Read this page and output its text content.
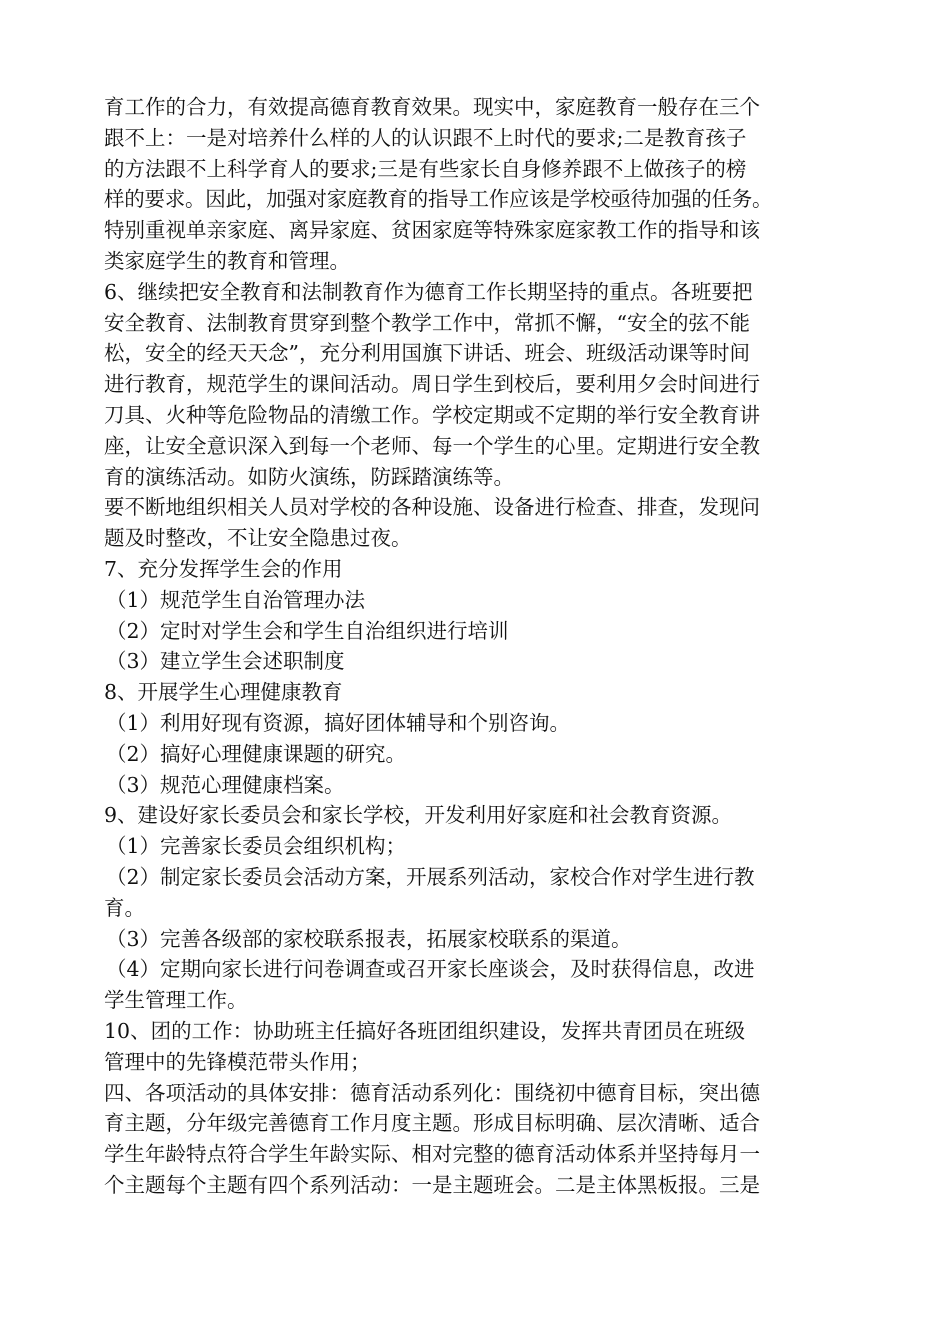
育工作的合力，有效提高德育教育效果。现实中，家庭教育一般存在三个
跟不上：一是对培养什么样的人的认识跟不上时代的要求;二是教育孩子
的方法跟不上科学育人的要求;三是有些家长自身修养跟不上做孩子的榜
样的要求。因此，加强对家庭教育的指导工作应该是学校亟待加强的任务。
特别重视单亲家庭、离异家庭、贫困家庭等特殊家庭家教工作的指导和该
类家庭学生的教育和管理。
6、继续把安全教育和法制教育作为德育工作长期坚持的重点。各班要把
安全教育、法制教育贯穿到整个教学工作中，常抓不懈，“安全的弦不能
松，安全的经天天念”，充分利用国旗下讲话、班会、班级活动课等时间
进行教育，规范学生的课间活动。周日学生到校后，要利用夕会时间进行
刀具、火种等危险物品的清缴工作。学校定期或不定期的举行安全教育讲
座，让安全意识深入到每一个老师、每一个学生的心里。定期进行安全教
育的演练活动。如防火演练，防踩踏演练等。
要不断地组织相关人员对学校的各种设施、设备进行检查、排查，发现问
题及时整改，不让安全隐患过夜。
7、充分发挥学生会的作用
（1）规范学生自治管理办法
（2）定时对学生会和学生自治组织进行培训
（3）建立学生会述职制度
8、开展学生心理健康教育
（1）利用好现有资源，搞好团体辅导和个别咨询。
（2）搞好心理健康课题的研究。
（3）规范心理健康档案。
9、建设好家长委员会和家长学校，开发利用好家庭和社会教育资源。
（1）完善家长委员会组织机构；
（2）制定家长委员会活动方案，开展系列活动，家校合作对学生进行教
育。
（3）完善各级部的家校联系报表，拓展家校联系的渠道。
（4）定期向家长进行问卷调查或召开家长座谈会，及时获得信息，改进
学生管理工作。
10、团的工作：协助班主任搞好各班团组织建设，发挥共青团员在班级
管理中的先锋模范带头作用；
四、各项活动的具体安排：德育活动系列化：围绕初中德育目标，突出德
育主题，分年级完善德育工作月度主题。形成目标明确、层次清晰、适合
学生年龄特点符合学生年龄实际、相对完整的德育活动体系并坚持每月一
个主题每个主题有四个系列活动：一是主题班会。二是主体黑板报。三是
